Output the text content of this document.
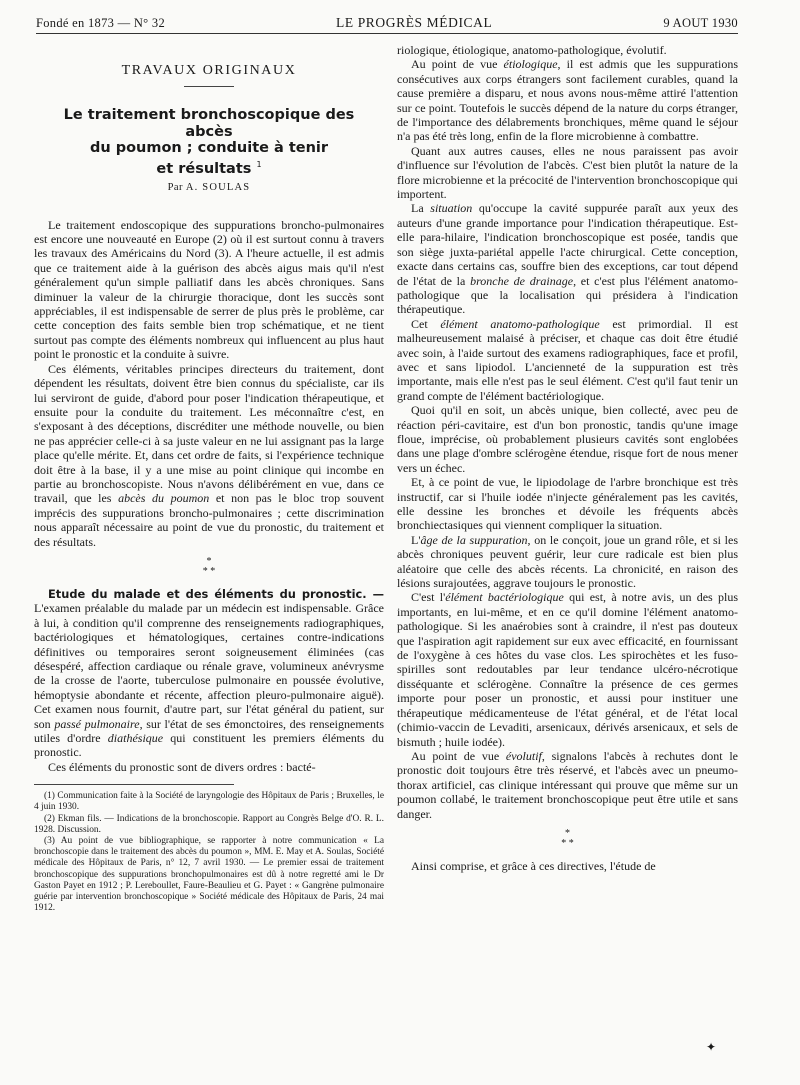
Fondé en 1873 — N° 32	LE PROGRÈS MÉDICAL	9 AOUT 1930
TRAVAUX ORIGINAUX
Le traitement bronchoscopique des abcès
du poumon ; conduite à tenir
et résultats $^1$
Par A. SOULAS

Le traitement endoscopique des suppurations broncho-pulmonaires est encore une nouveauté en Europe (2) où il est surtout connu à travers les travaux des Américains du Nord (3). A l'heure actuelle, il est admis que ce traitement aide à la guérison des abcès aigus mais qu'il n'est généralement qu'un simple palliatif dans les abcès chroniques. Sans diminuer la valeur de la chirurgie thoracique, dont les succès sont appréciables, il est indispensable de serrer de plus près le problème, car cette conception des faits semble bien trop schématique, et ne tient surtout pas compte des éléments nombreux qui influencent au plus haut point le pronostic et la conduite à suivre.

Ces éléments, véritables principes directeurs du traitement, dont dépendent les résultats, doivent être bien connus du spécialiste, car ils lui serviront de guide, d'abord pour poser l'indication thérapeutique, et ensuite pour la conduite du traitement. Les méconnaître c'est, en s'exposant à des déceptions, discréditer une méthode nouvelle, ou bien ne pas apprécier celle-ci à sa juste valeur en ne lui assignant pas la large place qu'elle mérite. Et, dans cet ordre de faits, si l'expérience technique doit être à la base, il y a une mise au point clinique qui incombe en partie au bronchoscopiste. Nous n'avons délibérément en vue, dans ce travail, que les abcès du poumon et non pas le bloc trop souvent imprécis des suppurations broncho-pulmonaires ; cette discrimination nous apparaît nécessaire au point de vue du pronostic, du traitement et des résultats.

*
* *

Etude du malade et des éléments du pronostic. — L'examen préalable du malade par un médecin est indispensable. Grâce à lui, à condition qu'il comprenne des renseignements radiographiques, bactériologiques et hématologiques, certaines contre-indications définitives ou temporaires seront soigneusement éliminées (cas désespéré, affection cardiaque ou rénale grave, volumineux anévrysme de la crosse de l'aorte, tuberculose pulmonaire en poussée évolutive, hémoptysie abondante et récente, affection pleuro-pulmonaire aiguë). Cet examen nous fournit, d'autre part, sur l'état général du patient, sur son passé pulmonaire, sur l'état de ses émonctoires, des renseignements utiles d'ordre diathésique qui constituent les premiers éléments du pronostic.

Ces éléments du pronostic sont de divers ordres : bacté-

(1) Communication faite à la Société de laryngologie des Hôpitaux de Paris ; Bruxelles, le 4 juin 1930.

(2) Ekman fils. — Indications de la bronchoscopie. Rapport au Congrès Belge d'O. R. L. 1928. Discussion.

(3) Au point de vue bibliographique, se rapporter à notre communication « La bronchoscopie dans le traitement des abcès du poumon », MM. E. May et A. Soulas, Société médicale des Hôpitaux de Paris, n° 12, 7 avril 1930. — Le premier essai de traitement bronchoscopique des suppurations bronchopulmonaires est dû à notre regretté ami le Dr Gaston Payet en 1912 ; P. Lereboullet, Faure-Beaulieu et G. Payet : « Gangrène pulmonaire guérie par intervention bronchoscopique » Société médicale des Hôpitaux de Paris, 24 mai 1912.

riologique, étiologique, anatomo-pathologique, évolutif.

Au point de vue étiologique, il est admis que les suppurations consécutives aux corps étrangers sont facilement curables, quand la cause première a disparu, et nous avons nous-même attiré l'attention sur ce point. Toutefois le succès dépend de la nature du corps étranger, de l'importance des délabrements bronchiques, même quand le séjour n'a pas été très long, enfin de la flore microbienne à combattre.

Quant aux autres causes, elles ne nous paraissent pas avoir d'influence sur l'évolution de l'abcès. C'est bien plutôt la nature de la flore microbienne et la précocité de l'intervention bronchoscopique qui importent.

La situation qu'occupe la cavité suppurée paraît aux yeux des auteurs d'une grande importance pour l'indication thérapeutique. Est-elle para-hilaire, l'indication bronchoscopique est posée, tandis que son siège juxta-pariétal appelle l'acte chirurgical. Cette conception, exacte dans certains cas, souffre bien des exceptions, car tout dépend de l'état de la bronche de drainage, et c'est plus l'élément anatomo-pathologique que la localisation qui présidera à l'indication thérapeutique.

Cet élément anatomo-pathologique est primordial. Il est malheureusement malaisé à préciser, et chaque cas doit être étudié avec soin, à l'aide surtout des examens radiographiques, face et profil, avec et sans lipiodol. L'ancienneté de la suppuration est très importante, mais elle n'est pas le seul élément. C'est qu'il faut tenir un grand compte de l'élément bactériologique.

Quoi qu'il en soit, un abcès unique, bien collecté, avec peu de réaction péri-cavitaire, est d'un bon pronostic, tandis qu'une image floue, imprécise, où probablement plusieurs cavités sont englobées dans une plage d'ombre sclérogène étendue, risque fort de nous mener vers un échec.

Et, à ce point de vue, le lipiodolage de l'arbre bronchique est très instructif, car si l'huile iodée n'injecte généralement pas les cavités, elle dessine les bronches et dévoile les fréquents abcès bronchiectasiques qui viennent compliquer la situation.

L'âge de la suppuration, on le conçoit, joue un grand rôle, et si les abcès chroniques peuvent guérir, leur cure radicale est bien plus aléatoire que celle des abcès récents. La chronicité, en raison des lésions surajoutées, aggrave toujours le pronostic.

C'est l'élément bactériologique qui est, à notre avis, un des plus importants, en lui-même, et en ce qu'il domine l'élément anatomo-pathologique. Si les anaérobies sont à craindre, il n'est pas douteux que l'aspiration agit rapidement sur eux avec efficacité, en fournissant de l'oxygène à ces hôtes du vase clos. Les spirochètes et les fuso-spirilles sont redoutables par leur tendance ulcéro-nécrotique disséquante et sclérogène. Connaître la présence de ces germes importe pour poser un pronostic, et aussi pour instituer une thérapeutique médicamenteuse de l'état général, et de l'état local (chimio-vaccin de Levaditi, arsenicaux, dérivés arsenicaux, et sels de bismuth ; huile iodée).

Au point de vue évolutif, signalons l'abcès à rechutes dont le pronostic doit toujours être très réservé, et l'abcès avec un pneumo-thorax artificiel, cas clinique intéressant qui prouve que même sur un poumon collabé, le traitement bronchoscopique peut être utile et sans danger.

*
* *

Ainsi comprise, et grâce à ces directives, l'étude de

✦
